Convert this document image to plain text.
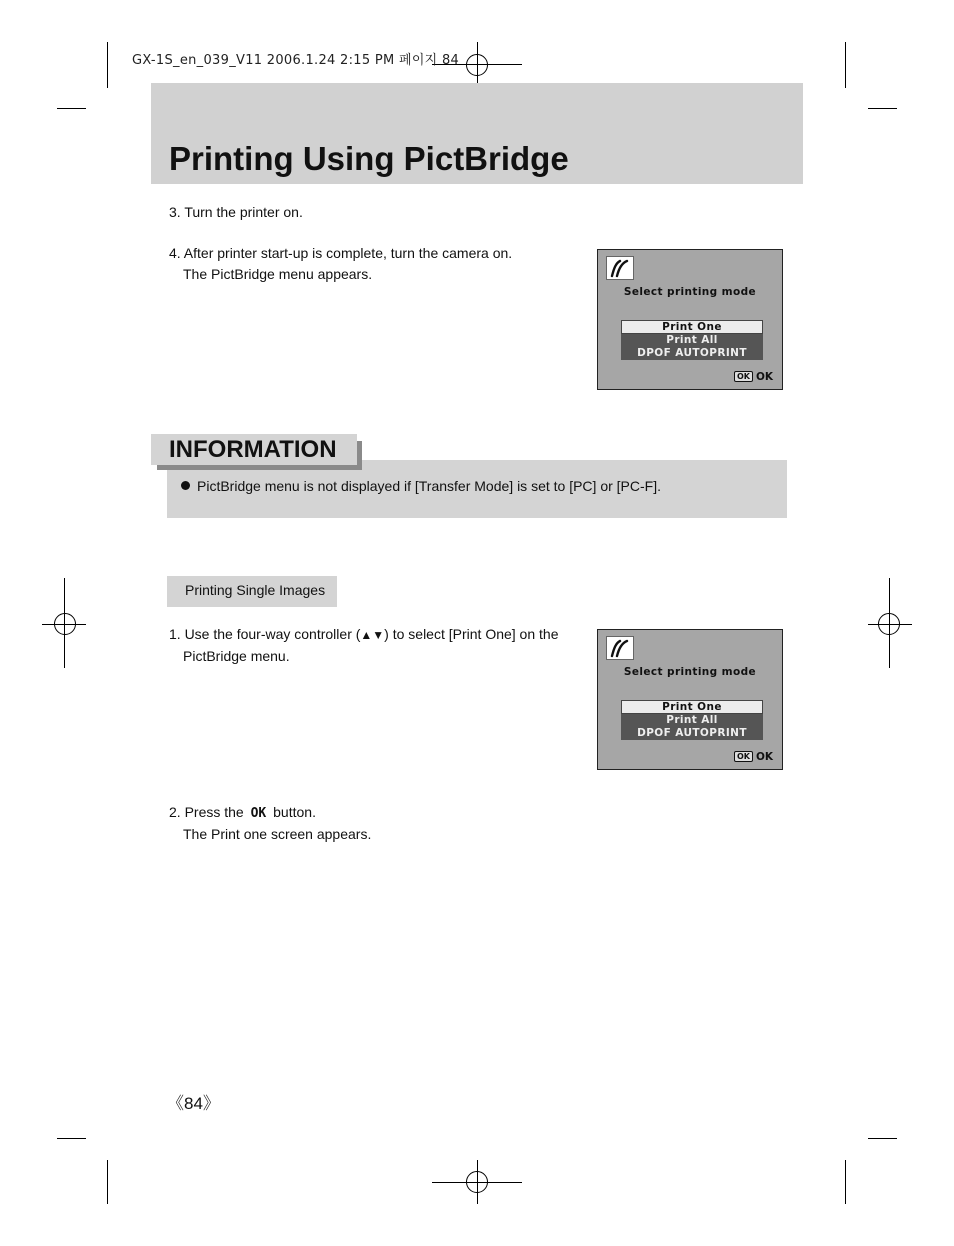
GX-1S_en_039_V11 2006.1.24 2:15 PM 페이지 84
Printing Using PictBridge
3. Turn the printer on.
4. After printer start-up is complete, turn the camera on.
The PictBridge menu appears.
Select printing mode
Print One
Print All
DPOF AUTOPRINT
OK OK
INFORMATION
PictBridge menu is not displayed if [Transfer Mode] is set to [PC] or [PC-F].
Printing Single Images
1. Use the four-way controller (▲▼) to select [Print One] on the
PictBridge menu.
Select printing mode
Print One
Print All
DPOF AUTOPRINT
OK OK
2. Press the OK button.
The Print one screen appears.
《84》
